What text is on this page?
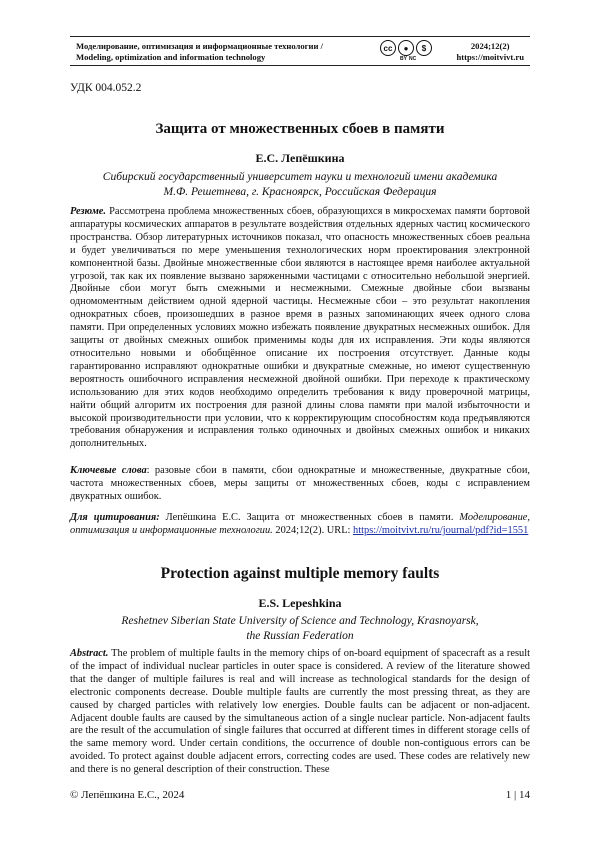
Моделирование, оптимизация и информационные технологии /
Modeling, optimization and information technology
cc	●	$
BY NC
2024;12(2)
https://moitvivt.ru
УДК 004.052.2
Защита от множественных сбоев в памяти
Е.С. Лепёшкина
Сибирский государственный университет науки и технологий имени академика
М.Ф. Решетнева, г. Красноярск, Российская Федерация
Резюме. Рассмотрена проблема множественных сбоев, образующихся в микросхемах памяти бортовой аппаратуры космических аппаратов в результате воздействия отдельных ядерных частиц космического пространства. Обзор литературных источников показал, что опасность множественных сбоев реальна и будет увеличиваться по мере уменьшения технологических норм проектирования электронной компонентной базы. Двойные множественные сбои являются в настоящее время наиболее актуальной угрозой, так как их появление вызвано заряженными частицами с относительно небольшой энергией. Двойные сбои могут быть смежными и несмежными. Смежные двойные сбои вызваны одномоментным действием одной ядерной частицы. Несмежные сбои – это результат накопления однократных сбоев, произошедших в разное время в разных запоминающих ячеек одного слова памяти. При определенных условиях можно избежать появление двукратных несмежных ошибок. Для защиты от двойных смежных ошибок применимы коды для их исправления. Эти коды являются относительно новыми и обобщённое описание их построения отсутствует. Данные коды гарантированно исправляют однократные ошибки и двукратные смежные, но имеют существенную вероятность ошибочного исправления несмежной двойной ошибки. При переходе к практическому использованию для этих кодов необходимо определить требования к виду проверочной матрицы, найти общий алгоритм их построения для разной длины слова памяти при малой избыточности и высокой производительности при условии, что к корректирующим способностям кода предъявляются требования обнаружения и исправления только одиночных и двойных смежных ошибок и никаких дополнительных.
Ключевые слова: разовые сбои в памяти, сбои однократные и множественные, двукратные сбои, частота множественных сбоев, меры защиты от множественных сбоев, коды с исправлением двукратных ошибок.
Для цитирования: Лепёшкина Е.С. Защита от множественных сбоев в памяти. Моделирование, оптимизация и информационные технологии. 2024;12(2). URL: https://moitvivt.ru/ru/journal/pdf?id=1551
Protection against multiple memory faults
E.S. Lepeshkina
Reshetnev Siberian State University of Science and Technology, Krasnoyarsk,
the Russian Federation
Abstract. The problem of multiple faults in the memory chips of on-board equipment of spacecraft as a result of the impact of individual nuclear particles in outer space is considered. A review of the literature showed that the danger of multiple failures is real and will increase as technological standards for the design of electronic components decrease. Double multiple faults are currently the most pressing threat, as they are caused by charged particles with relatively low energies. Double faults can be adjacent or non-adjacent. Adjacent double faults are caused by the simultaneous action of a single nuclear particle. Non-adjacent faults are the result of the accumulation of single failures that occurred at different times in different storage cells of the same memory word. Under certain conditions, the occurrence of double non-contiguous errors can be avoided. To protect against double adjacent errors, correcting codes are used. These codes are relatively new and there is no general description of their construction. These
© Лепёшкина Е.С., 2024	1 | 14
